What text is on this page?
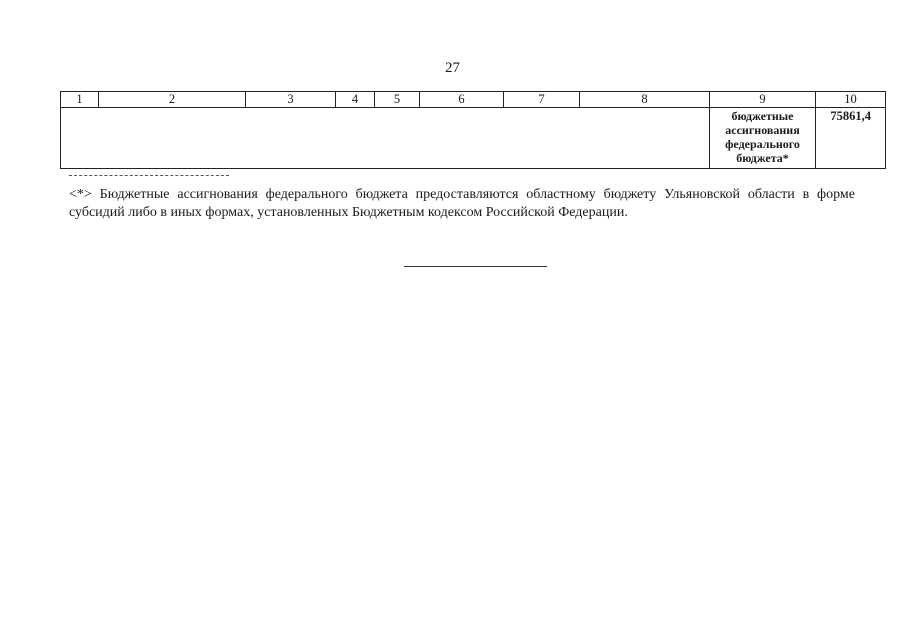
27
1	2	3	4	5	6	7	8	9	10

								бюджетные ассигнования федерального бюджета*	75861,4
<*> Бюджетные ассигнования федерального бюджета предоставляются областному бюджету Ульяновской области в форме субсидий либо в иных формах, установленных Бюджетным кодексом Российской Федерации.
